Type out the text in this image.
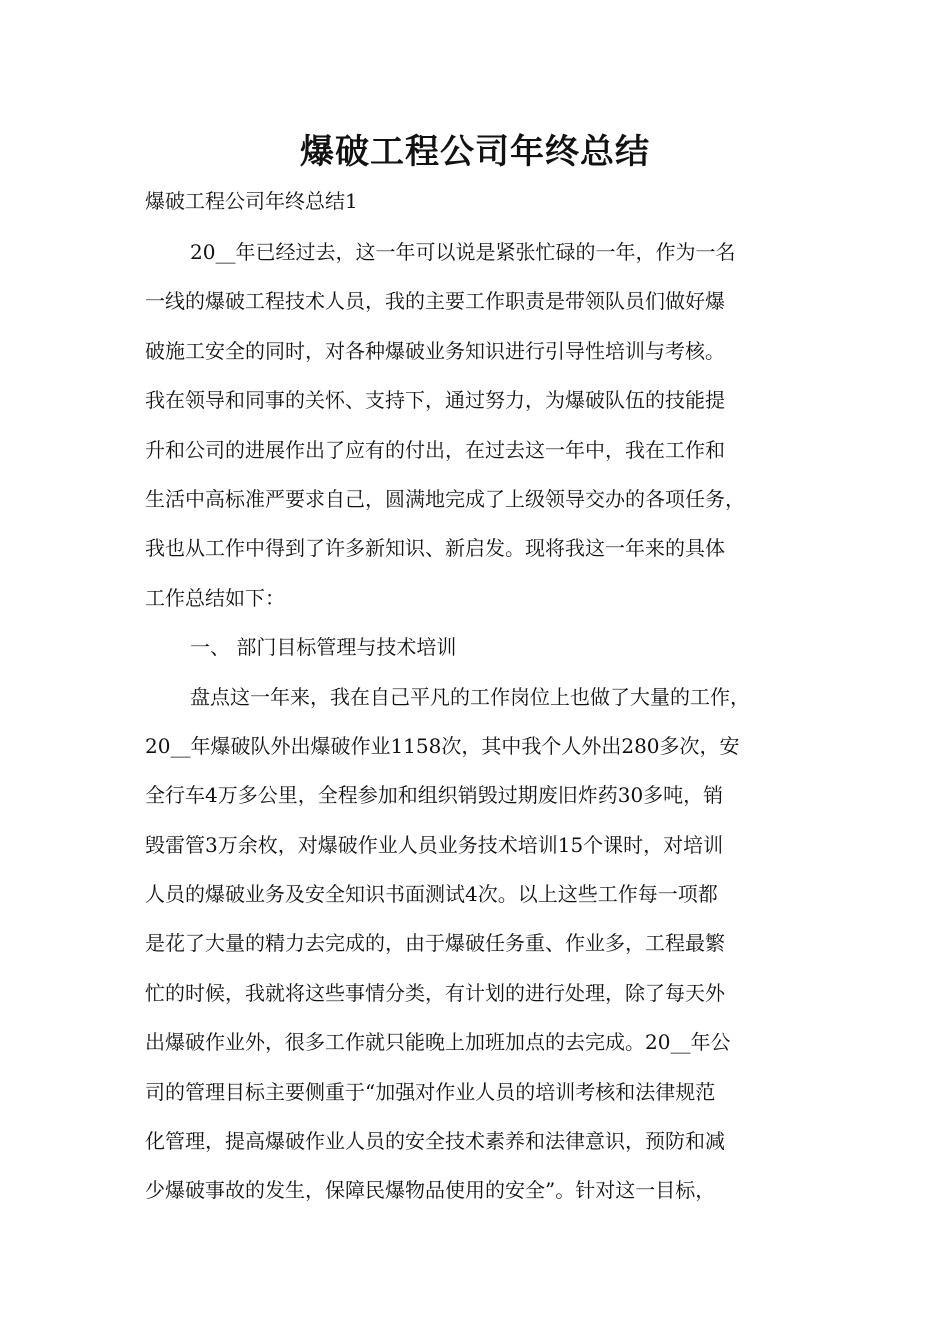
爆破工程公司年终总结
爆破工程公司年终总结1
20__年已经过去，这一年可以说是紧张忙碌的一年，作为一名
一线的爆破工程技术人员，我的主要工作职责是带领队员们做好爆
破施工安全的同时，对各种爆破业务知识进行引导性培训与考核。
我在领导和同事的关怀、支持下，通过努力，为爆破队伍的技能提
升和公司的进展作出了应有的付出，在过去这一年中，我在工作和
生活中高标准严要求自己，圆满地完成了上级领导交办的各项任务，
我也从工作中得到了许多新知识、新启发。现将我这一年来的具体
工作总结如下：
一、 部门目标管理与技术培训
盘点这一年来，我在自己平凡的工作岗位上也做了大量的工作，
20__年爆破队外出爆破作业1158次，其中我个人外出280多次，安
全行车4万多公里，全程参加和组织销毁过期废旧炸药30多吨，销
毁雷管3万余枚，对爆破作业人员业务技术培训15个课时，对培训
人员的爆破业务及安全知识书面测试4次。以上这些工作每一项都
是花了大量的精力去完成的，由于爆破任务重、作业多，工程最繁
忙的时候，我就将这些事情分类，有计划的进行处理，除了每天外
出爆破作业外，很多工作就只能晚上加班加点的去完成。20__年公
司的管理目标主要侧重于“加强对作业人员的培训考核和法律规范
化管理，提高爆破作业人员的安全技术素养和法律意识，预防和减
少爆破事故的发生，保障民爆物品使用的安全”。针对这一目标，
